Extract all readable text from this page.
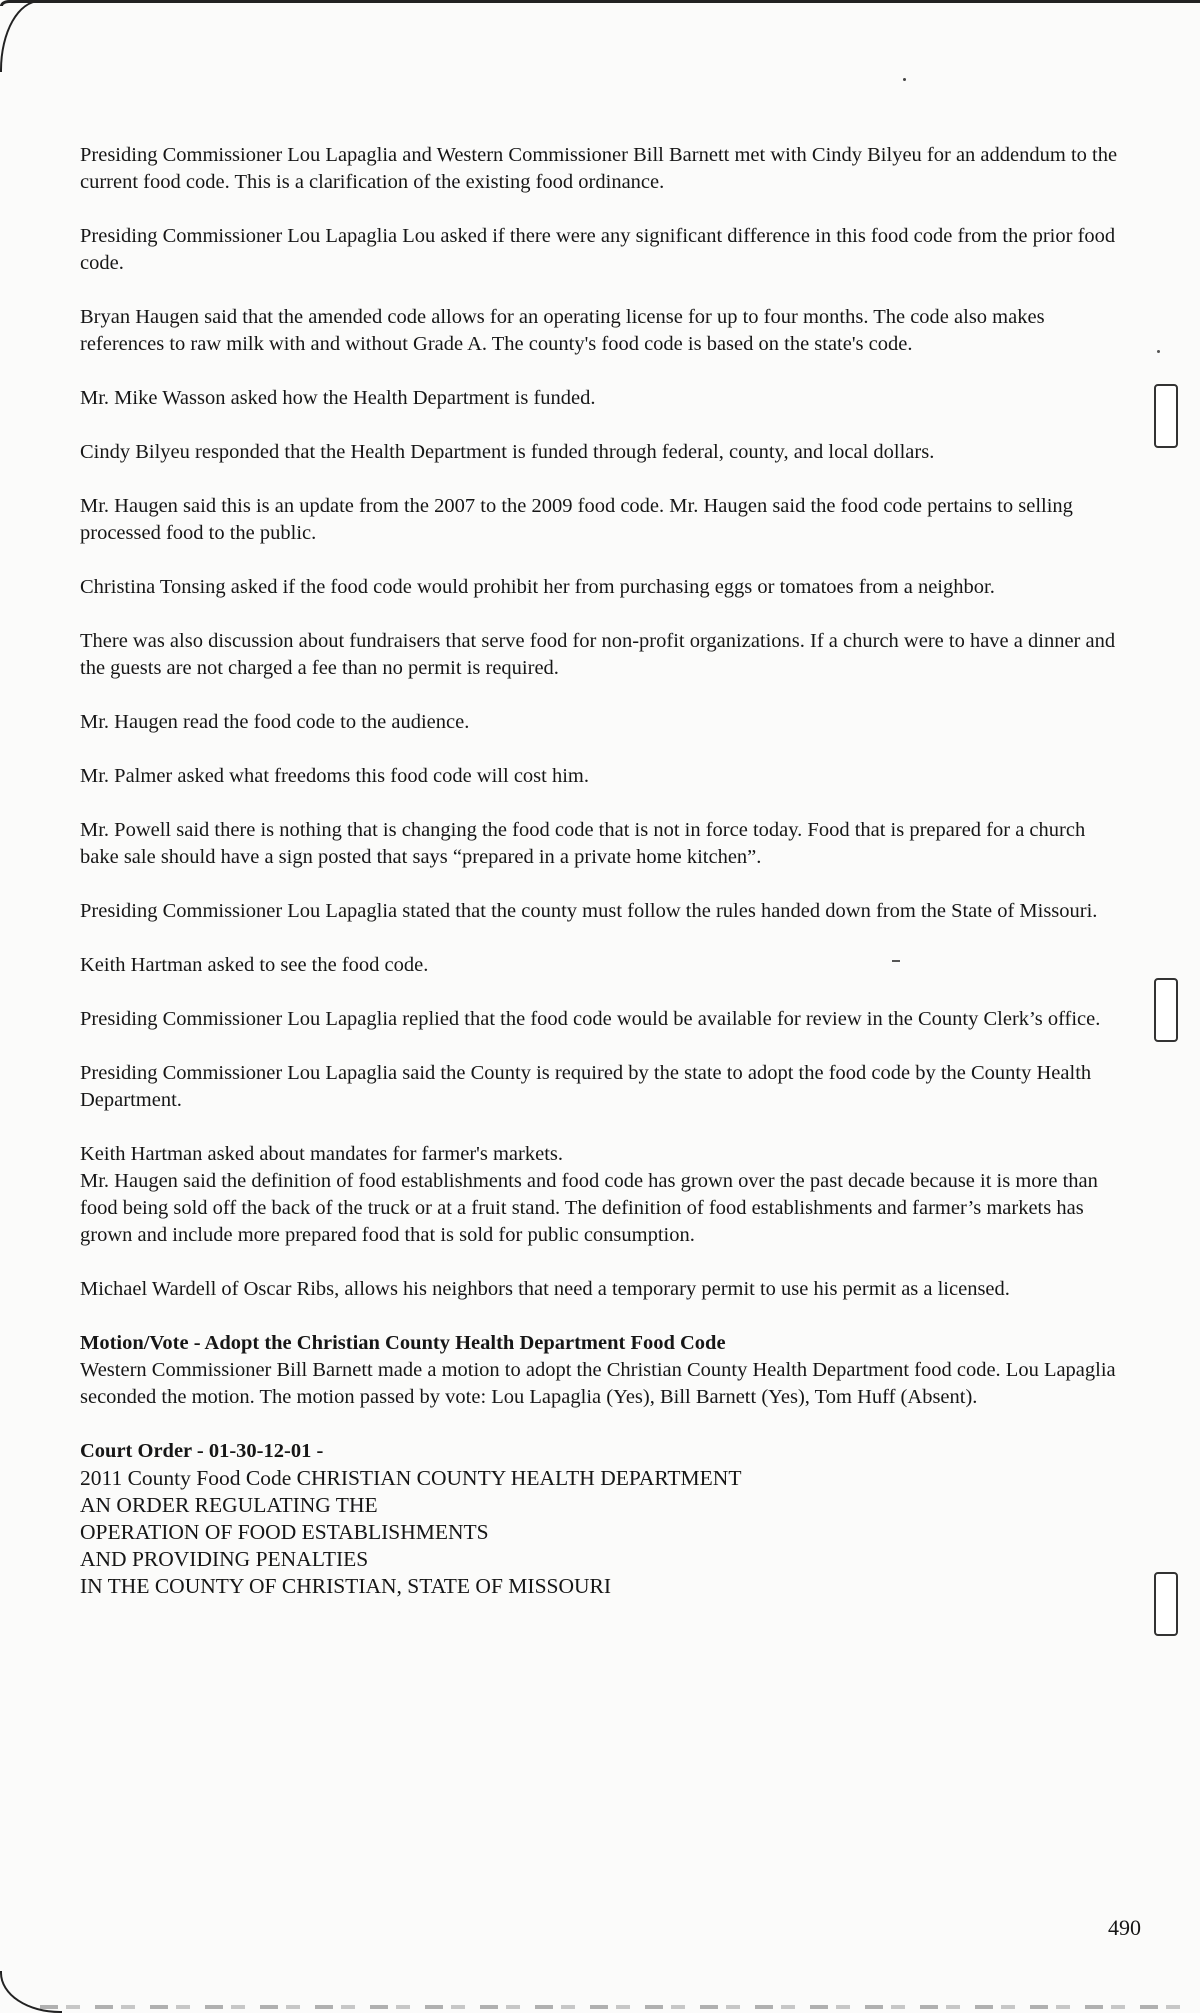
Presiding Commissioner Lou Lapaglia and Western Commissioner Bill Barnett met with Cindy Bilyeu for an addendum to the current food code. This is a clarification of the existing food ordinance.

Presiding Commissioner Lou Lapaglia Lou asked if there were any significant difference in this food code from the prior food code.

Bryan Haugen said that the amended code allows for an operating license for up to four months. The code also makes references to raw milk with and without Grade A. The county's food code is based on the state's code.

Mr. Mike Wasson asked how the Health Department is funded.

Cindy Bilyeu responded that the Health Department is funded through federal, county, and local dollars.

Mr. Haugen said this is an update from the 2007 to the 2009 food code. Mr. Haugen said the food code pertains to selling processed food to the public.

Christina Tonsing asked if the food code would prohibit her from purchasing eggs or tomatoes from a neighbor.

There was also discussion about fundraisers that serve food for non-profit organizations. If a church were to have a dinner and the guests are not charged a fee than no permit is required.

Mr. Haugen read the food code to the audience.

Mr. Palmer asked what freedoms this food code will cost him.

Mr. Powell said there is nothing that is changing the food code that is not in force today. Food that is prepared for a church bake sale should have a sign posted that says “prepared in a private home kitchen”.

Presiding Commissioner Lou Lapaglia stated that the county must follow the rules handed down from the State of Missouri.

Keith Hartman asked to see the food code.

Presiding Commissioner Lou Lapaglia replied that the food code would be available for review in the County Clerk’s office.

Presiding Commissioner Lou Lapaglia said the County is required by the state to adopt the food code by the County Health Department.

Keith Hartman asked about mandates for farmer's markets.

Mr. Haugen said the definition of food establishments and food code has grown over the past decade because it is more than food being sold off the back of the truck or at a fruit stand. The definition of food establishments and farmer’s markets has grown and include more prepared food that is sold for public consumption.

Michael Wardell of Oscar Ribs, allows his neighbors that need a temporary permit to use his permit as a licensed.

Motion/Vote - Adopt the Christian County Health Department Food Code

Western Commissioner Bill Barnett made a motion to adopt the Christian County Health Department food code. Lou Lapaglia seconded the motion. The motion passed by vote: Lou Lapaglia (Yes), Bill Barnett (Yes), Tom Huff (Absent).

Court Order - 01-30-12-01 -

2011 County Food Code CHRISTIAN COUNTY HEALTH DEPARTMENT

AN ORDER REGULATING THE

OPERATION OF FOOD ESTABLISHMENTS

AND PROVIDING PENALTIES

IN THE COUNTY OF CHRISTIAN, STATE OF MISSOURI

490
